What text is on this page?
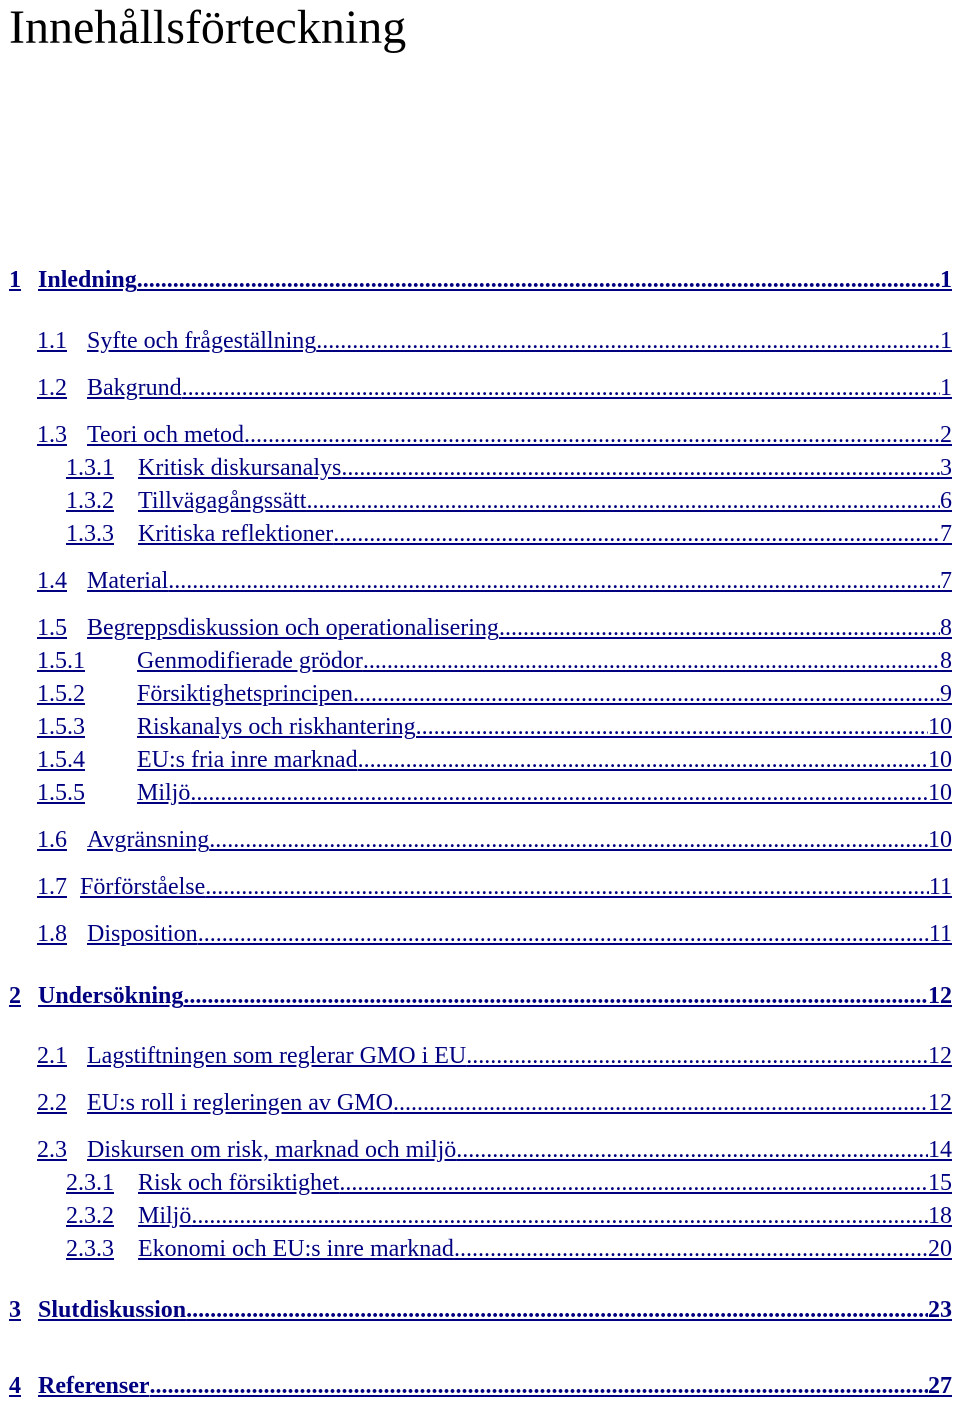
Innehållsförteckning
1 Inledning .....	1
1.1 Syfte och frågeställning .....	1
1.2 Bakgrund .....	1
1.3 Teori och metod .....	2
1.3.1	Kritisk diskursanalys .....	3
1.3.2	Tillvägagångssätt .....	6
1.3.3	Kritiska reflektioner .....	7
1.4 Material .....	7
1.5 Begreppsdiskussion och operationalisering .....	8
1.5.1	Genmodifierade grödor .....	8
1.5.2	Försiktighetsprincipen .....	9
1.5.3	Riskanalys och riskhantering .....	10
1.5.4	EU:s fria inre marknad .....	10
1.5.5	Miljö .....	10
1.6 Avgränsning .....	10
1.7 Förförståelse .....	11
1.8 Disposition .....	11
2 Undersökning .....	12
2.1 Lagstiftningen som reglerar GMO i EU .....	12
2.2 EU:s roll i regleringen av GMO .....	12
2.3 Diskursen om risk, marknad och miljö .....	14
2.3.1	Risk och försiktighet .....	15
2.3.2	Miljö .....	18
2.3.3	Ekonomi och EU:s inre marknad .....	20
3 Slutdiskussion .....	23
4 Referenser .....	27
